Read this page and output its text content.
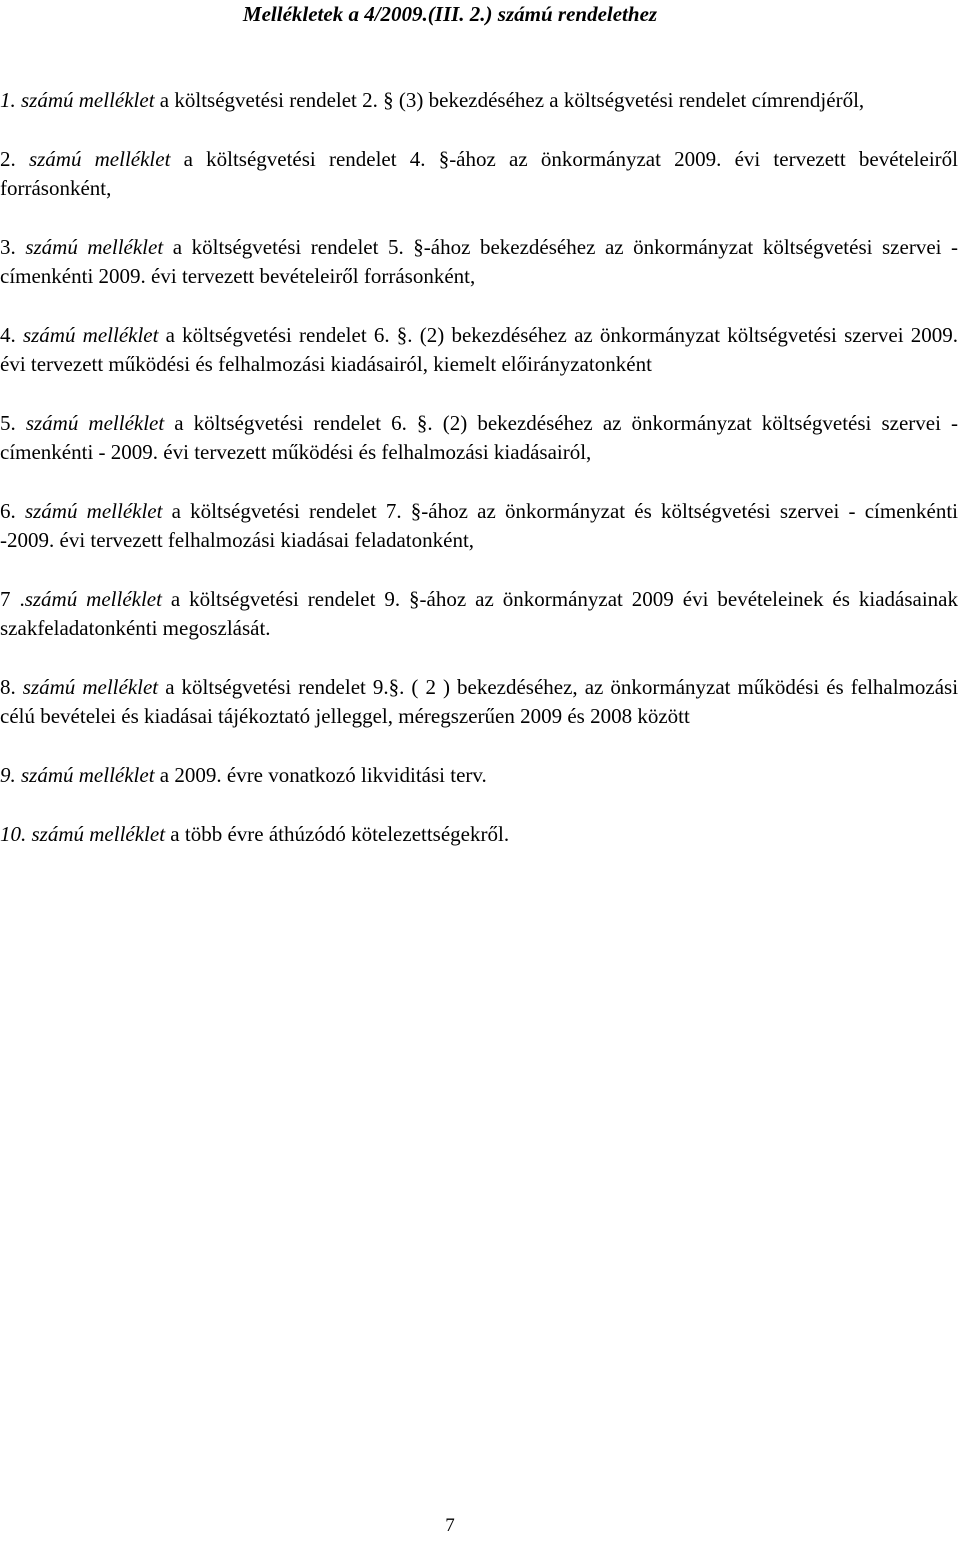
Mellékletek a 4/2009.(III. 2.) számú rendelethez

1. számú melléklet a költségvetési rendelet 2. § (3) bekezdéséhez a költségvetési rendelet címrendjéről,

2. számú melléklet a költségvetési rendelet 4. §-ához az önkormányzat 2009. évi tervezett bevételeiről forrásonként,

3. számú melléklet a költségvetési rendelet 5. §-ához bekezdéséhez az önkormányzat költségvetési szervei - címenkénti 2009. évi tervezett bevételeiről forrásonként,

4. számú melléklet a költségvetési rendelet 6. §. (2) bekezdéséhez az önkormányzat költségvetési szervei 2009. évi tervezett működési és felhalmozási kiadásairól, kiemelt előirányzatonként

5. számú melléklet a költségvetési rendelet 6. §. (2) bekezdéséhez az önkormányzat költségvetési szervei - címenkénti - 2009. évi tervezett működési és felhalmozási kiadásairól,

6. számú melléklet a költségvetési rendelet 7. §-ához az önkormányzat és költségvetési szervei - címenkénti -2009. évi tervezett felhalmozási kiadásai feladatonként,

7 .számú melléklet a költségvetési rendelet 9. §-ához az önkormányzat 2009 évi bevételeinek és kiadásainak szakfeladatonkénti megoszlását.

8. számú melléklet a költségvetési rendelet 9.§. ( 2 ) bekezdéséhez, az önkormányzat működési és felhalmozási célú bevételei és kiadásai tájékoztató jelleggel, méregszerűen 2009 és 2008 között

9. számú melléklet a 2009. évre vonatkozó likviditási terv.

10. számú melléklet a több évre áthúzódó kötelezettségekről.

7
